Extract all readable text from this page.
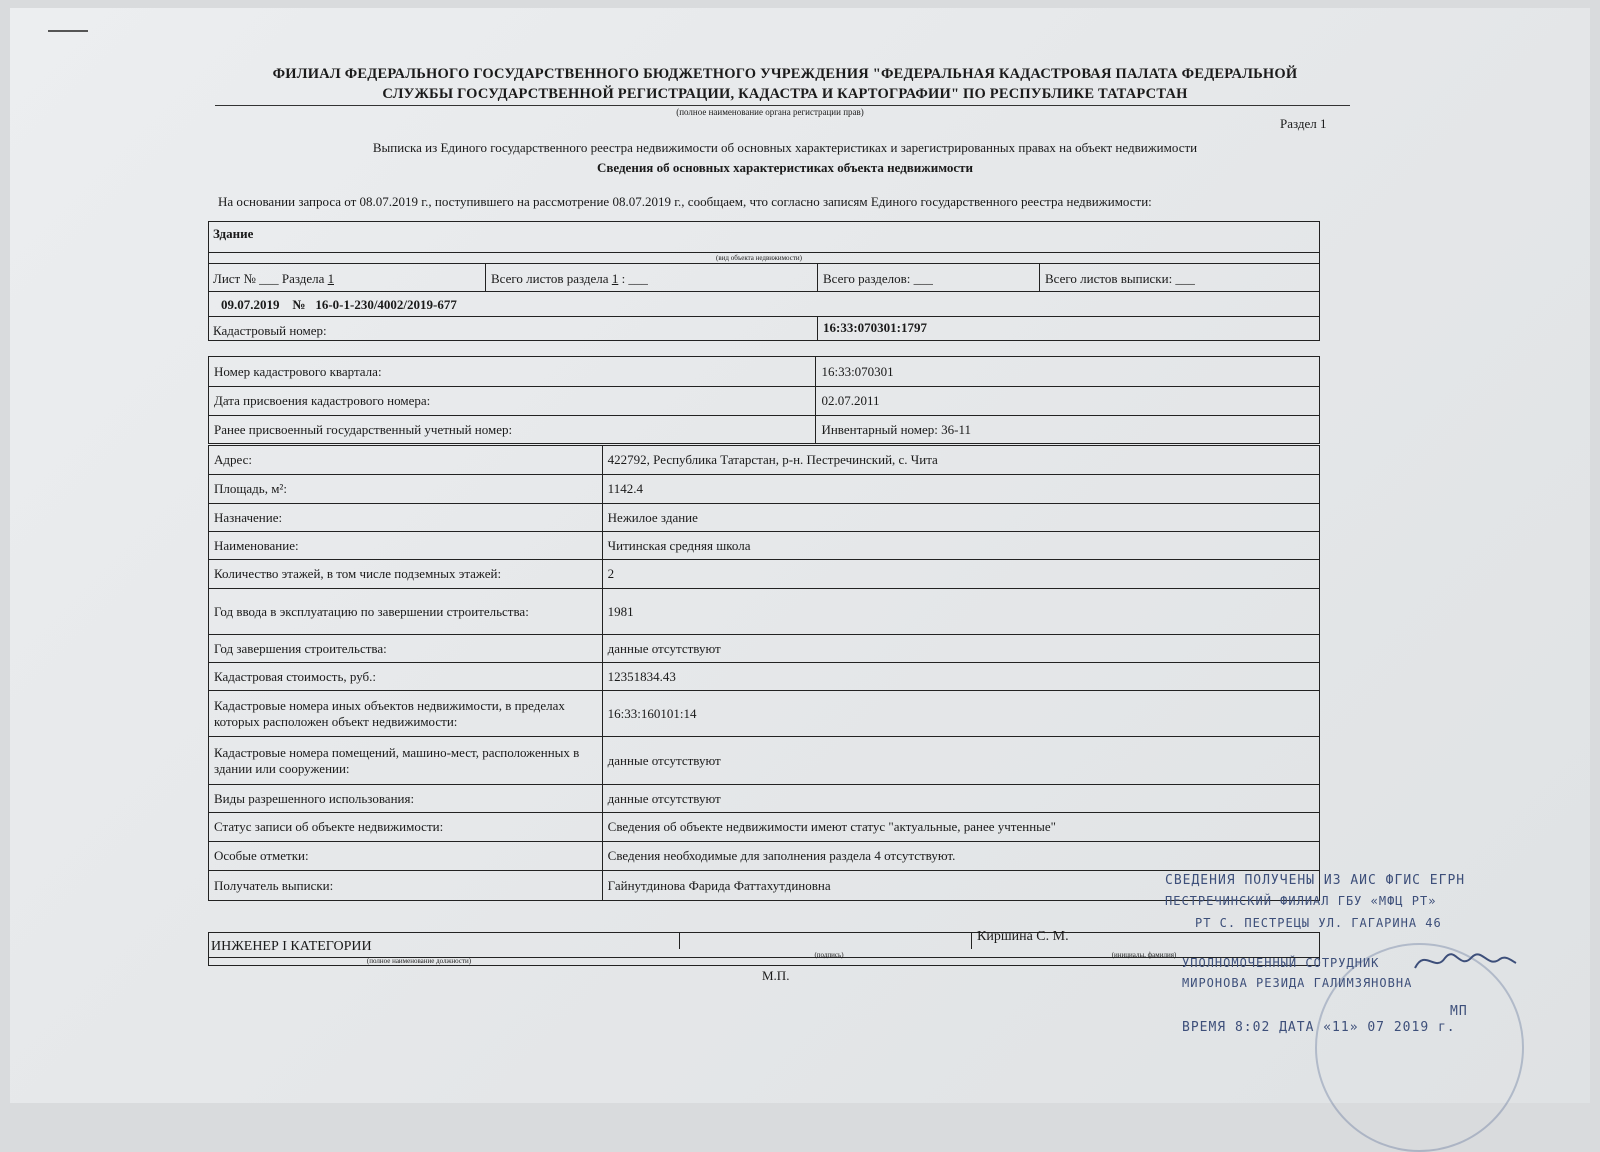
ФИЛИАЛ ФЕДЕРАЛЬНОГО ГОСУДАРСТВЕННОГО БЮДЖЕТНОГО УЧРЕЖДЕНИЯ "ФЕДЕРАЛЬНАЯ КАДАСТРОВАЯ ПАЛАТА ФЕДЕРАЛЬНОЙ
СЛУЖБЫ ГОСУДАРСТВЕННОЙ РЕГИСТРАЦИИ, КАДАСТРА И КАРТОГРАФИИ" ПО РЕСПУБЛИКЕ ТАТАРСТАН
(полное наименование органа регистрации прав)
Раздел 1
Выписка из Единого государственного реестра недвижимости об основных характеристиках и зарегистрированных правах на объект недвижимости
Сведения об основных характеристиках объекта недвижимости
На основании запроса от 08.07.2019 г., поступившего на рассмотрение 08.07.2019 г., сообщаем, что согласно записям Единого государственного реестра недвижимости:
Здание
(вид объекта недвижимости)
Лист № ___ Раздела 1	Всего листов раздела 1 : ___	Всего разделов: ___	Всего листов выписки: ___
09.07.2019 № 16-0-1-230/4002/2019-677
Кадастровый номер:	16:33:070301:1797
Номер кадастрового квартала:	16:33:070301
Дата присвоения кадастрового номера:	02.07.2011
Ранее присвоенный государственный учетный номер:	Инвентарный номер: 36-11
Адрес:	422792, Республика Татарстан, р-н. Пестречинский, с. Чита
Площадь, м²:	1142.4
Назначение:	Нежилое здание
Наименование:	Читинская средняя школа
Количество этажей, в том числе подземных этажей:	2
Год ввода в эксплуатацию по завершении строительства:	1981
Год завершения строительства:	данные отсутствуют
Кадастровая стоимость, руб.:	12351834.43
Кадастровые номера иных объектов недвижимости, в пределах которых расположен объект недвижимости:	16:33:160101:14
Кадастровые номера помещений, машино-мест, расположенных в здании или сооружении:	данные отсутствуют
Виды разрешенного использования:	данные отсутствуют
Статус записи об объекте недвижимости:	Сведения об объекте недвижимости имеют статус "актуальные, ранее учтенные"
Особые отметки:	Сведения необходимые для заполнения раздела 4 отсутствуют.
Получатель выписки:	Гайнутдинова Фарида Фаттахутдиновна
ИНЖЕНЕР I КАТЕГОРИИ
Киршина С. М.
(полное наименование должности)
(подпись)	(инициалы, фамилия)
М.П.
СВЕДЕНИЯ ПОЛУЧЕНЫ ИЗ АИС ФГИС ЕГРН
ПЕСТРЕЧИНСКИЙ ФИЛИАЛ ГБУ «МФЦ РТ»
РТ С. ПЕСТРЕЦЫ УЛ. ГАГАРИНА 46
УПОЛНОМОЧЕННЫЙ СОТРУДНИК
МИРОНОВА РЕЗИДА ГАЛИМЗЯНОВНА
ВРЕМЯ 8:02 ДАТА «11» 07 2019 г.
МП
